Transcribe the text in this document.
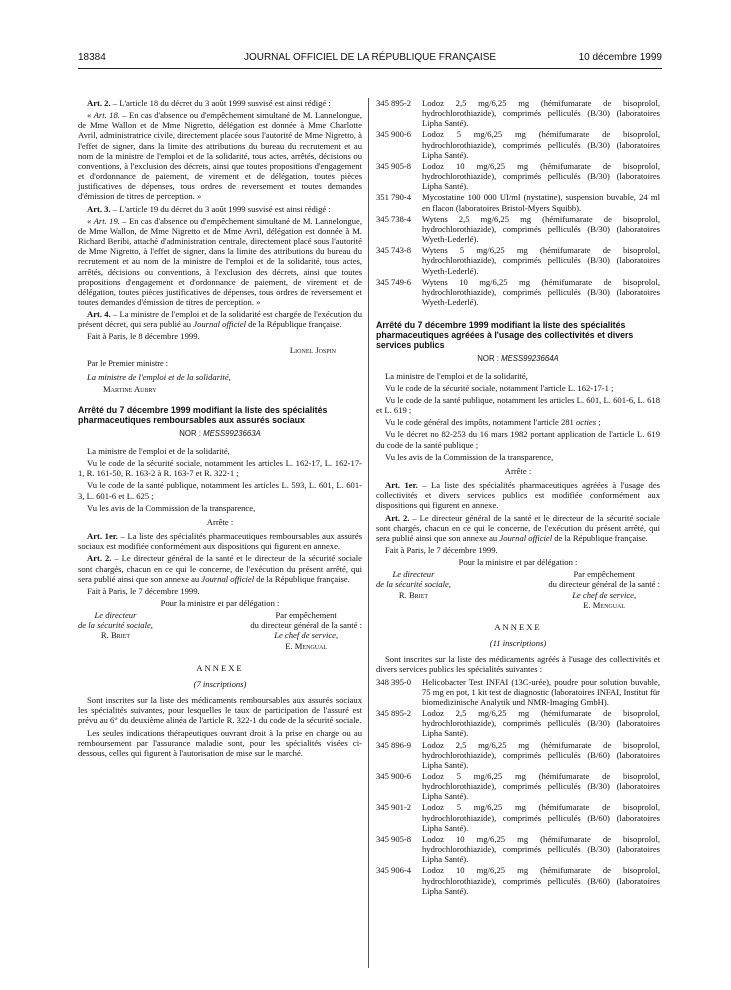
18384	JOURNAL OFFICIEL DE LA RÉPUBLIQUE FRANÇAISE	10 décembre 1999

Art. 2. – L'article 18 du décret du 3 août 1999 susvisé est ainsi rédigé :

« Art. 18. – En cas d'absence ou d'empêchement simultané de M. Lannelongue, de Mme Wallon et de Mme Nigretto, délégation est donnée à Mme Charlotte Avril, administratrice civile, directement placée sous l'autorité de Mme Nigretto, à l'effet de signer, dans la limite des attributions du bureau du recrutement et au nom de la ministre de l'emploi et de la solidarité, tous actes, arrêtés, décisions ou conventions, à l'exclusion des décrets, ainsi que toutes propositions d'engagement et d'ordonnance de paiement, de virement et de délégation, toutes pièces justificatives de dépenses, tous ordres de reversement et toutes demandes d'émission de titres de perception. »

Art. 3. – L'article 19 du décret du 3 août 1999 susvisé est ainsi rédigé :

« Art. 19. – En cas d'absence ou d'empêchement simultané de M. Lannelongue, de Mme Wallon, de Mme Nigretto et de Mme Avril, délégation est donnée à M. Richard Beribi, attaché d'administration centrale, directement placé sous l'autorité de Mme Nigretto, à l'effet de signer, dans la limite des attributions du bureau du recrutement et au nom de la ministre de l'emploi et de la solidarité, tous actes, arrêtés, décisions ou conventions, à l'exclusion des décrets, ainsi que toutes propositions d'engagement et d'ordonnance de paiement, de virement et de délégation, toutes pièces justificatives de dépenses, tous ordres de reversement et toutes demandes d'émission de titres de perception. »

Art. 4. – La ministre de l'emploi et de la solidarité est chargée de l'exécution du présent décret, qui sera publié au Journal officiel de la République française.

Fait à Paris, le 8 décembre 1999.

Lionel Jospin

Par le Premier ministre :

La ministre de l'emploi et de la solidarité,

Martine Aubry

Arrêté du 7 décembre 1999 modifiant la liste des spécialités pharmaceutiques remboursables aux assurés sociaux

NOR : MESS9923663A

La ministre de l'emploi et de la solidarité,

Vu le code de la sécurité sociale, notamment les articles L. 162-17, L. 162-17-1, R. 161-50, R. 163-2 à R. 163-7 et R. 322-1 ;

Vu le code de la santé publique, notamment les articles L. 593, L. 601, L. 601-3, L. 601-6 et L. 625 ;

Vu les avis de la Commission de la transparence,

Arrête :

Art. 1er. – La liste des spécialités pharmaceutiques remboursables aux assurés sociaux est modifiée conformément aux dispositions qui figurent en annexe.

Art. 2. – Le directeur général de la santé et le directeur de la sécurité sociale sont chargés, chacun en ce qui le concerne, de l'exécution du présent arrêté, qui sera publié ainsi que son annexe au Journal officiel de la République française.

Fait à Paris, le 7 décembre 1999.

Pour la ministre et par délégation :

Le directeur
de la sécurité sociale,
R. Briet
Par empêchement
du directeur général de la santé :
Le chef de service,
E. Mengual

ANNEXE

(7 inscriptions)

Sont inscrites sur la liste des médicaments remboursables aux assurés sociaux les spécialités suivantes, pour lesquelles le taux de participation de l'assuré est prévu au 6° du deuxième alinéa de l'article R. 322-1 du code de la sécurité sociale.

Les seules indications thérapeutiques ouvrant droit à la prise en charge ou au remboursement par l'assurance maladie sont, pour les spécialités visées ci-dessous, celles qui figurent à l'autorisation de mise sur le marché.

345 895-2	Lodoz 2,5 mg/6,25 mg (hémifumarate de bisoprolol, hydrochlorothiazide), comprimés pelliculés (B/30) (laboratoires Lipha Santé).
345 900-6	Lodoz 5 mg/6,25 mg (hémifumarate de bisoprolol, hydrochlorothiazide), comprimés pelliculés (B/30) (laboratoires Lipha Santé).
345 905-8	Lodoz 10 mg/6,25 mg (hémifumarate de bisoprolol, hydrochlorothiazide), comprimés pelliculés (B/30) (laboratoires Lipha Santé).
351 790-4	Mycostatine 100 000 UI/ml (nystatine), suspension buvable, 24 ml en flacon (laboratoires Bristol-Myers Squibb).
345 738-4	Wytens 2,5 mg/6,25 mg (hémifumarate de bisoprolol, hydrochlorothiazide), comprimés pelliculés (B/30) (laboratoires Wyeth-Lederlé).
345 743-8	Wytens 5 mg/6,25 mg (hémifumarate de bisoprolol, hydrochlorothiazide), comprimés pelliculés (B/30) (laboratoires Wyeth-Lederlé).
345 749-6	Wytens 10 mg/6,25 mg (hémifumarate de bisoprolol, hydrochlorothiazide), comprimés pelliculés (B/30) (laboratoires Wyeth-Lederlé).

Arrêté du 7 décembre 1999 modifiant la liste des spécialités pharmaceutiques agréées à l'usage des collectivités et divers services publics

NOR : MESS9923664A

La ministre de l'emploi et de la solidarité,

Vu le code de la sécurité sociale, notamment l'article L. 162-17-1 ;

Vu le code de la santé publique, notamment les articles L. 601, L. 601-6, L. 618 et L. 619 ;

Vu le code général des impôts, notamment l'article 281 octies ;

Vu le décret no 82-253 du 16 mars 1982 portant application de l'article L. 619 du code de la santé publique ;

Vu les avis de la Commission de la transparence,

Arrête :

Art. 1er. – La liste des spécialités pharmaceutiques agréées à l'usage des collectivités et divers services publics est modifiée conformément aux dispositions qui figurent en annexe.

Art. 2. – Le directeur général de la santé et le directeur de la sécurité sociale sont chargés, chacun en ce qui le concerne, de l'exécution du présent arrêté, qui sera publié ainsi que son annexe au Journal officiel de la République française.

Fait à Paris, le 7 décembre 1999.

Pour la ministre et par délégation :

Le directeur
de la sécurité sociale,
R. Briet
Par empêchement
du directeur général de la santé :
Le chef de service,
E. Mengual

ANNEXE

(11 inscriptions)

Sont inscrites sur la liste des médicaments agréés à l'usage des collectivités et divers services publics les spécialités suivantes :

348 395-0	Helicobacter Test INFAI (13C-urée), poudre pour solution buvable, 75 mg en pot, 1 kit test de diagnostic (laboratoires INFAI, Institut für biomedizinische Analytik und NMR-Imaging GmbH).
345 895-2	Lodoz 2,5 mg/6,25 mg (hémifumarate de bisoprolol, hydrochlorothiazide), comprimés pelliculés (B/30) (laboratoires Lipha Santé).
345 896-9	Lodoz 2,5 mg/6,25 mg (hémifumarate de bisoprolol, hydrochlorothiazide), comprimés pelliculés (B/60) (laboratoires Lipha Santé).
345 900-6	Lodoz 5 mg/6,25 mg (hémifumarate de bisoprolol, hydrochlorothiazide), comprimés pelliculés (B/30) (laboratoires Lipha Santé).
345 901-2	Lodoz 5 mg/6,25 mg (hémifumarate de bisoprolol, hydrochlorothiazide), comprimés pelliculés (B/60) (laboratoires Lipha Santé).
345 905-8	Lodoz 10 mg/6,25 mg (hémifumarate de bisoprolol, hydrochlorothiazide), comprimés pelliculés (B/30) (laboratoires Lipha Santé).
345 906-4	Lodoz 10 mg/6,25 mg (hémifumarate de bisoprolol, hydrochlorothiazide), comprimés pelliculés (B/60) (laboratoires Lipha Santé).
